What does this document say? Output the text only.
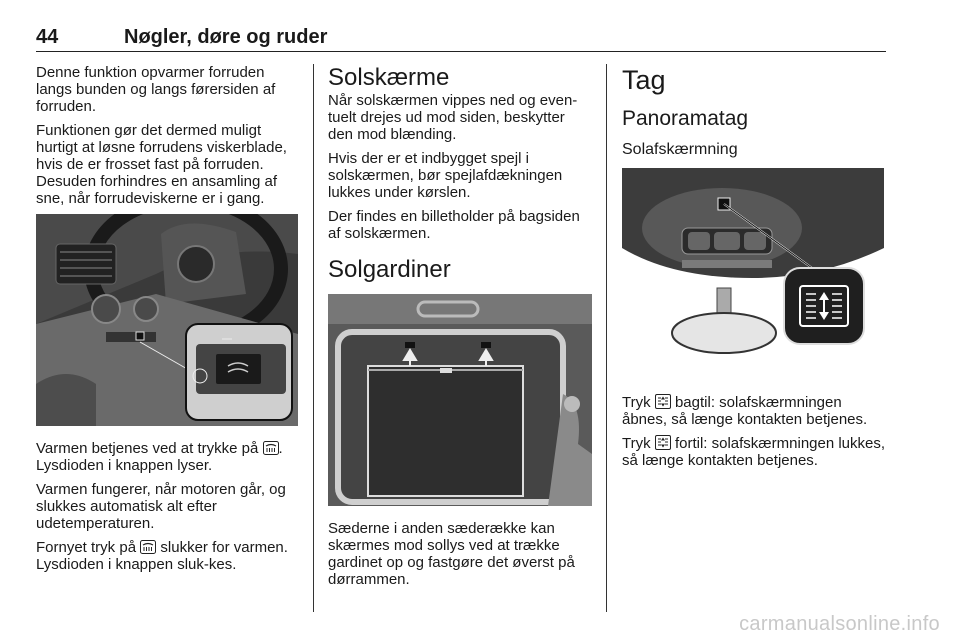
44	Nøgler, døre og ruder

Denne funktion opvarmer forruden langs bunden og langs førersiden af forruden.

Funktionen gør det dermed muligt hurtigt at løsne forrudens viskerblade, hvis de er frosset fast på forruden. Desuden forhindres en ansamling af sne, når forrudeviskerne er i gang.

Varmen betjenes ved at trykke på . Lysdioden i knappen lyser.

Varmen fungerer, når motoren går, og slukkes automatisk alt efter udetemperaturen.

Fornyet tryk på slukker for varmen. Lysdioden i knappen sluk-kes.

Solskærme

Når solskærmen vippes ned og even-tuelt drejes ud mod siden, beskytter den mod blænding.

Hvis der er et indbygget spejl i solskærmen, bør spejlafdækningen lukkes under kørslen.

Der findes en billetholder på bagsiden af solskærmen.

Solgardiner

Sæderne i anden sæderække kan skærmes mod sollys ved at trække gardinet op og fastgøre det øverst på dørrammen.

Tag
Panoramatag
Solafskærmning

Tryk bagtil: solafskærmningen åbnes, så længe kontakten betjenes.

Tryk fortil: solafskærmningen lukkes, så længe kontakten betjenes.

carmanualsonline.info
